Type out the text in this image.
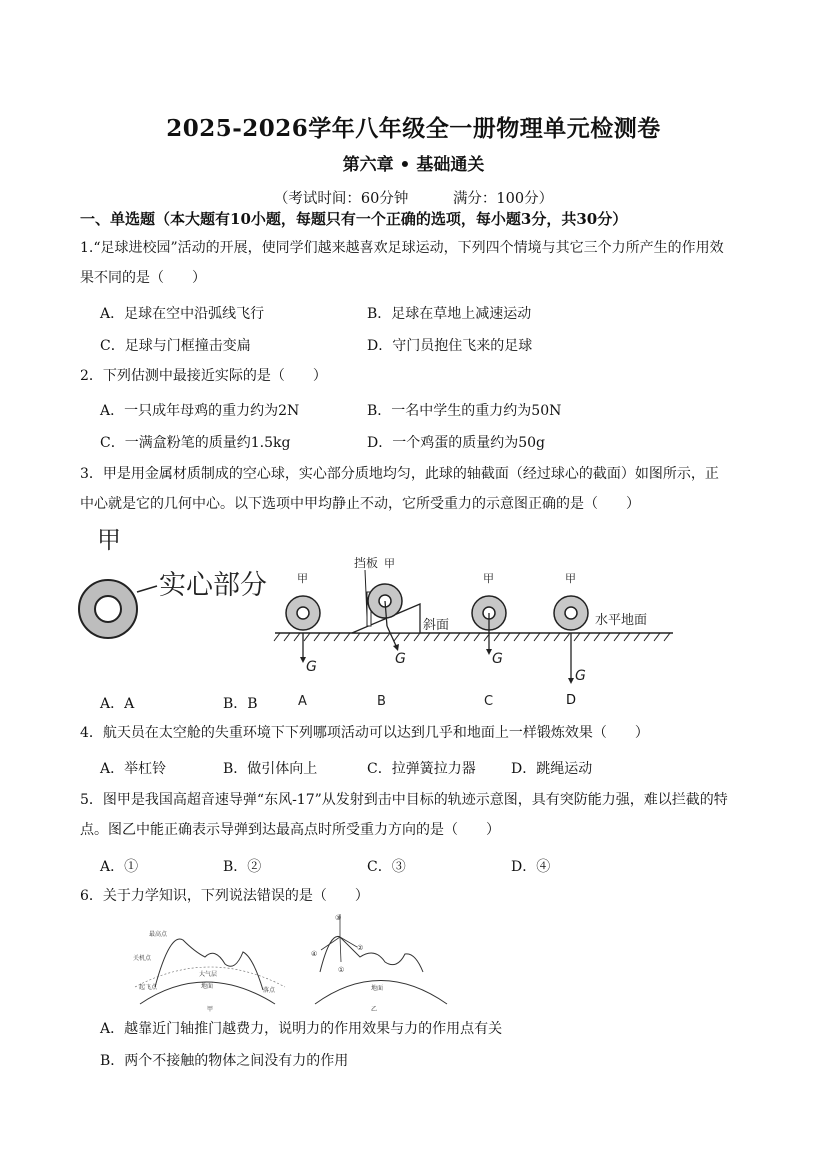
2025-2026学年八年级全一册物理单元检测卷
第六章 • 基础通关
（考试时间：60分钟	满分：100分）
一、单选题（本大题有10小题，每题只有一个正确的选项，每小题3分，共30分）
1.“足球进校园”活动的开展，使同学们越来越喜欢足球运动，下列四个情境与其它三个力所产生的作用效
果不同的是（　　）
A．足球在空中沿弧线飞行	B．足球在草地上减速运动
C．足球与门框撞击变扁	D．守门员抱住飞来的足球
2．下列估测中最接近实际的是（　　）
A．一只成年母鸡的重力约为2N	B．一名中学生的重力约为50N
C．一满盒粉笔的质量约1.5kg	D．一个鸡蛋的质量约为50g
3．甲是用金属材质制成的空心球，实心部分质地均匀，此球的轴截面（经过球心的截面）如图所示，正
中心就是它的几何中心。以下选项中甲均静止不动，它所受重力的示意图正确的是（　　）
甲
实心部分	甲
G
A
挡板 甲
G
斜面
B
甲
G
C
甲
G
水平地面
D
A．A	B．B
4．航天员在太空舱的失重环境下下列哪项活动可以达到几乎和地面上一样锻炼效果（　　）
A．举杠铃	B．做引体向上	C．拉弹簧拉力器	D．跳绳运动
5．图甲是我国高超音速导弹“东风-17”从发射到击中目标的轨迹示意图，具有突防能力强，难以拦截的特
点。图乙中能正确表示导弹到达最高点时所受重力方向的是（　　）
A．①	B．②	C．③	D．④
6．关于力学知识，下列说法错误的是（　　）
最高点
关机点
起飞点
大气层
地面
落点
甲
③
②
①
④
地面
乙
A．越靠近门轴推门越费力，说明力的作用效果与力的作用点有关
B．两个不接触的物体之间没有力的作用
